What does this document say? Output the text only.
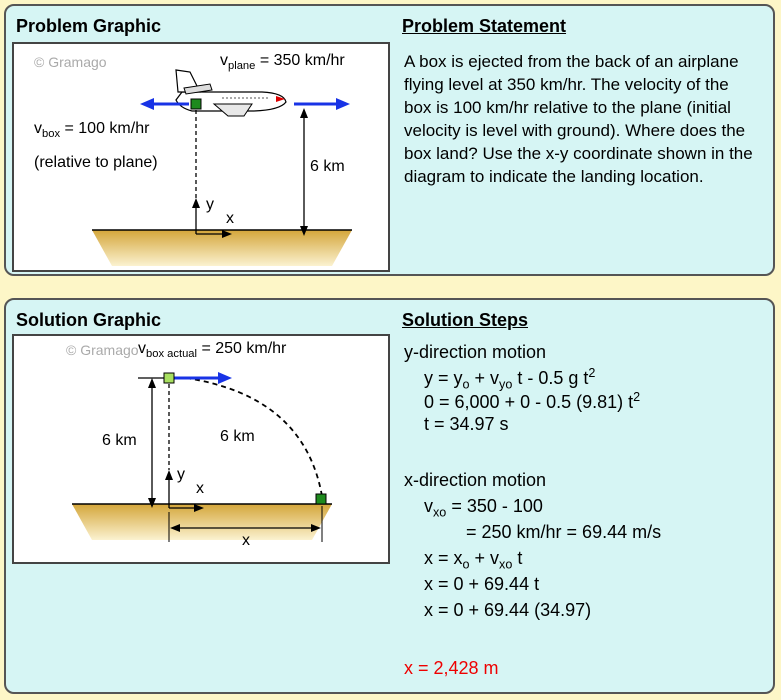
Problem Graphic	Problem Statement
© Gramago	$v_{plane} = 350$ km/hr
$v_{box} = 100$ km/hr
(relative to plane)	6 km
y
x
A box is ejected from the back of an airplane flying level at 350 km/hr. The velocity of the box is 100 km/hr relative to the plane (initial velocity is level with ground). Where does the box land? Use the x-y coordinate shown in the diagram to indicate the landing location.
Solution Graphic	Solution Steps
© Gramago $v_{box actual} = 250$ km/hr
6 km	6 km
y
x
x
y-direction motion
$y = y_o + v_{yo}$ t - 0.5 g $t^2$
0 = 6,000 + 0 - 0.5 (9.81) $t^2$
t = 34.97 s
x-direction motion
$v_{xo} = 350 - 100$
= 250 km/hr = 69.44 m/s
$x = x_o + v_{xo}$ t
x = 0 + 69.44 t
x = 0 + 69.44 (34.97)
x = 2,428 m
